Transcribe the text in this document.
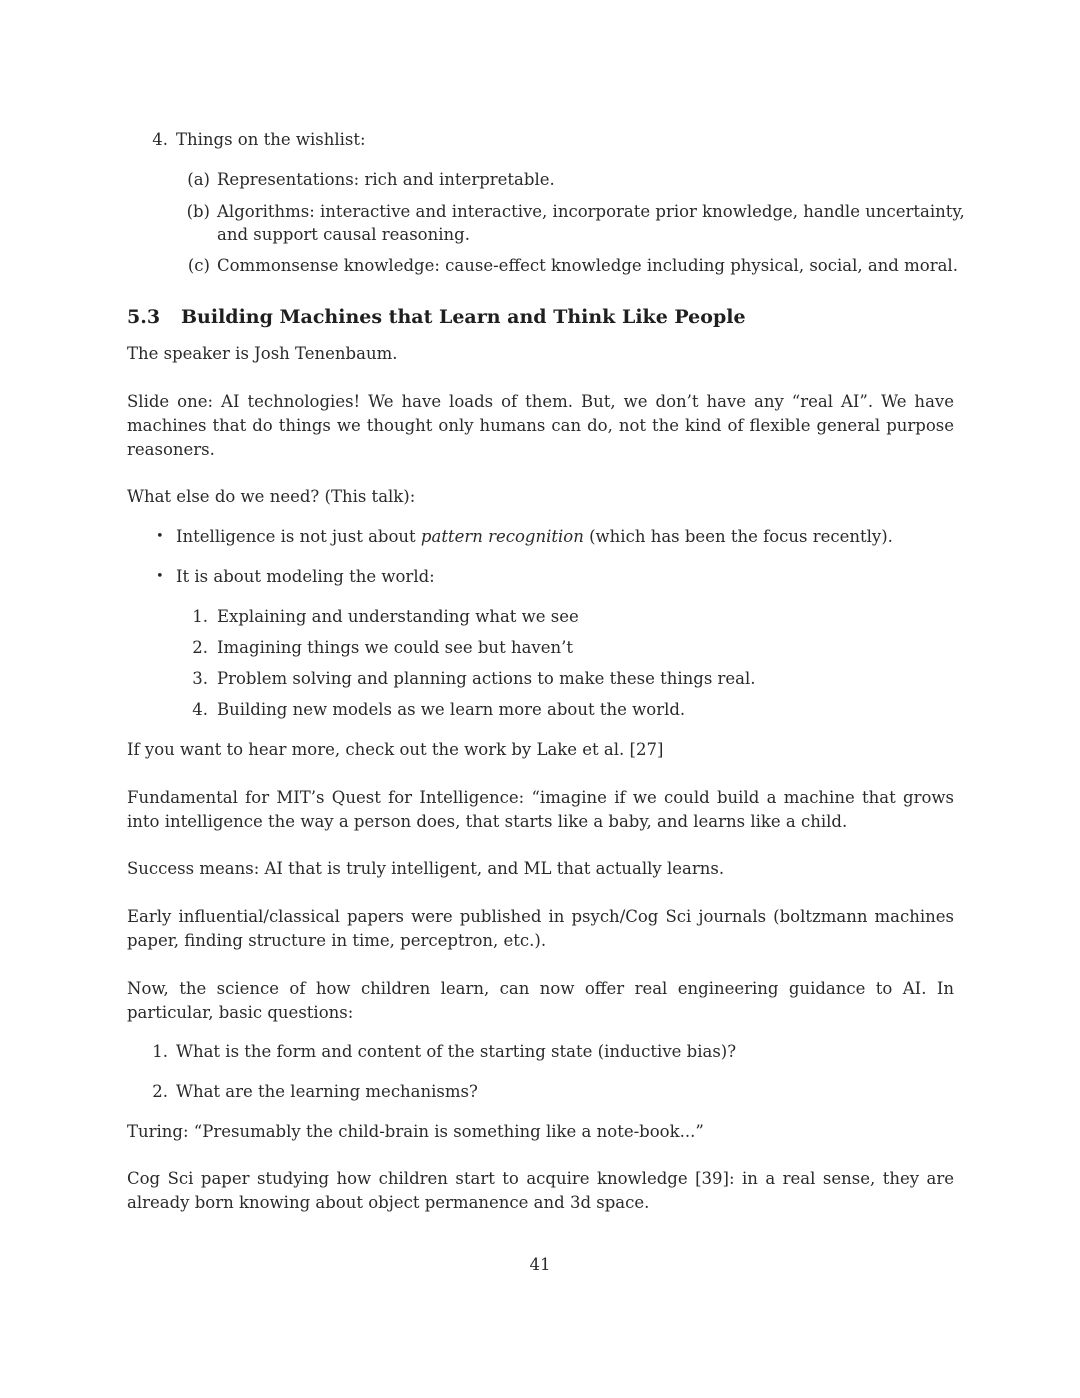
4. Things on the wishlist:

(a) Representations: rich and interpretable.

(b) Algorithms: interactive and interactive, incorporate prior knowledge, handle uncertainty,

and support causal reasoning.

(c) Commonsense knowledge: cause-effect knowledge including physical, social, and moral.

5.3 Building Machines that Learn and Think Like People

The speaker is Josh Tenenbaum.

Slide one: AI technologies! We have loads of them. But, we don’t have any “real AI”. We have machines that do things we thought only humans can do, not the kind of flexible general purpose reasoners.

What else do we need? (This talk):

• Intelligence is not just about pattern recognition (which has been the focus recently).

• It is about modeling the world:

1. Explaining and understanding what we see

2. Imagining things we could see but haven’t

3. Problem solving and planning actions to make these things real.

4. Building new models as we learn more about the world.

If you want to hear more, check out the work by Lake et al. [27]

Fundamental for MIT’s Quest for Intelligence: “imagine if we could build a machine that grows into intelligence the way a person does, that starts like a baby, and learns like a child.

Success means: AI that is truly intelligent, and ML that actually learns.

Early influential/classical papers were published in psych/Cog Sci journals (boltzmann machines paper, finding structure in time, perceptron, etc.).

Now, the science of how children learn, can now offer real engineering guidance to AI. In particular, basic questions:

1. What is the form and content of the starting state (inductive bias)?

2. What are the learning mechanisms?

Turing: “Presumably the child-brain is something like a note-book...”

Cog Sci paper studying how children start to acquire knowledge [39]: in a real sense, they are already born knowing about object permanence and 3d space.

41
